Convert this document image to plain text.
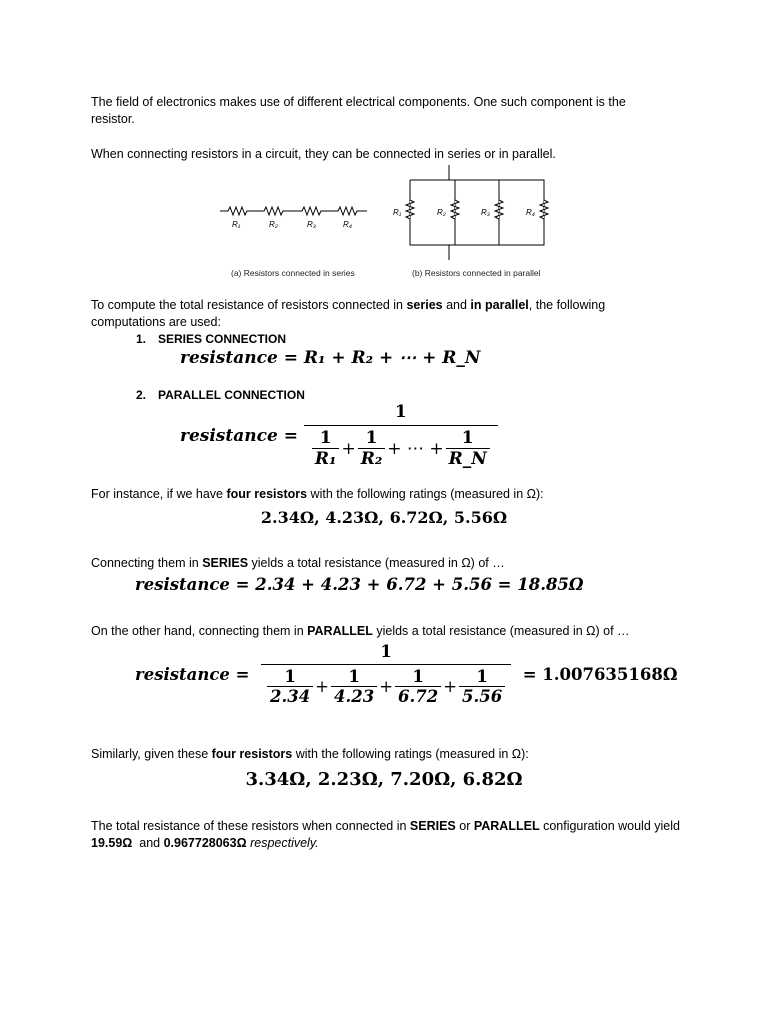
The field of electronics makes use of different electrical components. One such component is the
resistor.
When connecting resistors in a circuit, they can be connected in series or in parallel.
R₁	R₂	R₃	R₄
R₁	R₂	R₃	R₄
(a) Resistors connected in series	(b) Resistors connected in parallel
To compute the total resistance of resistors connected in series and in parallel, the following
computations are used:
1. SERIES CONNECTION
resistance = R₁ + R₂ + ⋯ + R_N
2. PARALLEL CONNECTION
resistance
=
$\frac{1}{\frac{1}{\text{R₁}} + \frac{1}{\text{R₂}} + \cdots + \frac{1}{R\_N}}$
For instance, if we have four resistors with the following ratings (measured in Ω):
2.34Ω, 4.23Ω, 6.72Ω, 5.56Ω
Connecting them in SERIES yields a total resistance (measured in Ω) of …
resistance = 2.34 + 4.23 + 6.72 + 5.56 = 18.85Ω
On the other hand, connecting them in PARALLEL yields a total resistance (measured in Ω) of …
resistance
=

1
$\frac{1}{2.34} + \frac{1}{4.23} + \frac{1}{6.72} + \frac{1}{5.56}$
= 1.007635168Ω
Similarly, given these four resistors with the following ratings (measured in Ω):
3.34Ω, 2.23Ω, 7.20Ω, 6.82Ω
The total resistance of these resistors when connected in SERIES or PARALLEL configuration would yield
19.59Ω  and 0.967728063Ω respectively.
